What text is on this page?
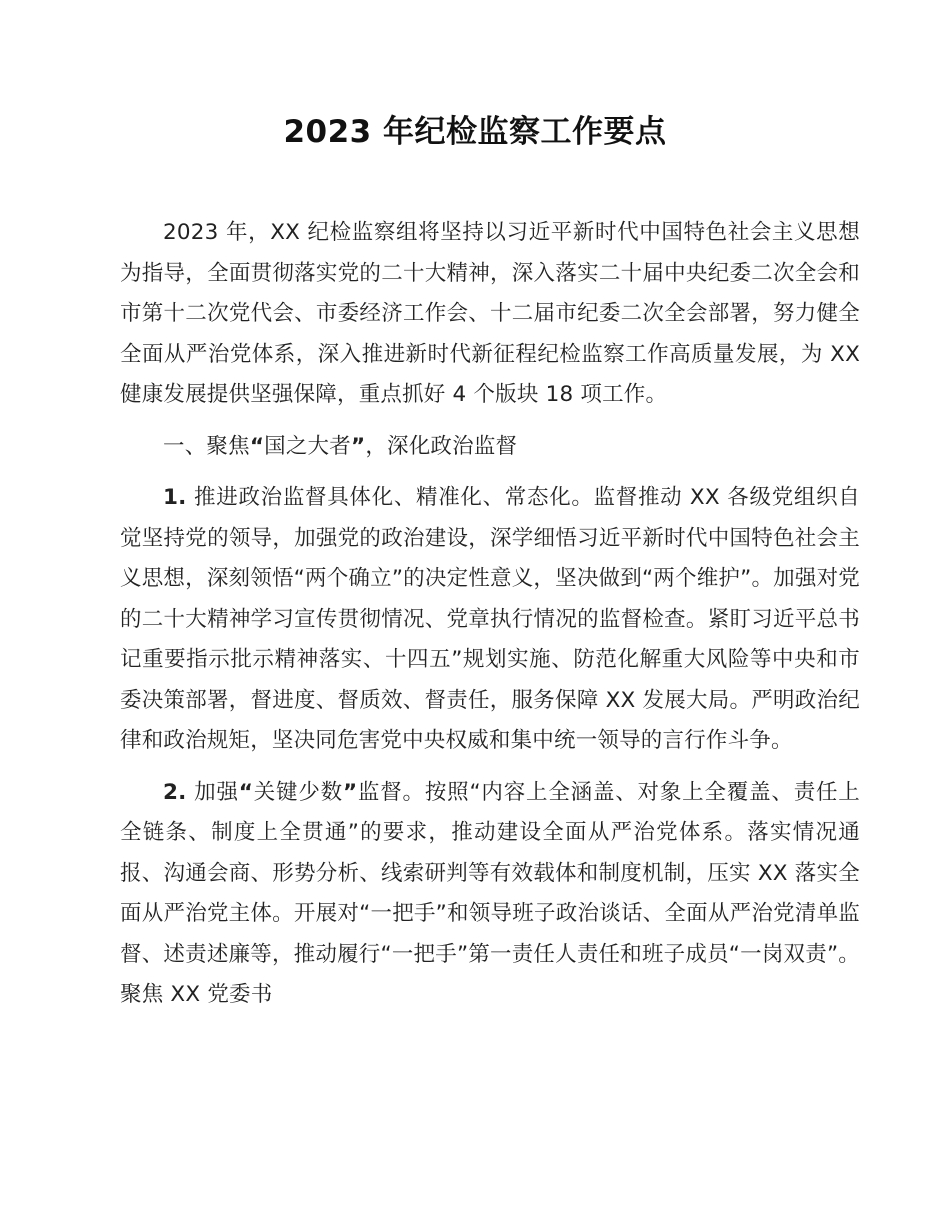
2023 年纪检监察工作要点

2023 年，XX 纪检监察组将坚持以习近平新时代中国特色社会主义思想为指导，全面贯彻落实党的二十大精神，深入落实二十届中央纪委二次全会和市第十二次党代会、市委经济工作会、十二届市纪委二次全会部署，努力健全全面从严治党体系，深入推进新时代新征程纪检监察工作高质量发展，为 XX 健康发展提供坚强保障，重点抓好 4 个版块 18 项工作。

一、聚焦“国之大者”，深化政治监督

1. 推进政治监督具体化、精准化、常态化。监督推动 XX 各级党组织自觉坚持党的领导，加强党的政治建设，深学细悟习近平新时代中国特色社会主义思想，深刻领悟“两个确立”的决定性意义，坚决做到“两个维护”。加强对党的二十大精神学习宣传贯彻情况、党章执行情况的监督检查。紧盯习近平总书记重要指示批示精神落实、十四五”规划实施、防范化解重大风险等中央和市委决策部署，督进度、督质效、督责任，服务保障 XX 发展大局。严明政治纪律和政治规矩，坚决同危害党中央权威和集中统一领导的言行作斗争。

2. 加强“关键少数”监督。按照“内容上全涵盖、对象上全覆盖、责任上全链条、制度上全贯通”的要求，推动建设全面从严治党体系。落实情况通报、沟通会商、形势分析、线索研判等有效载体和制度机制，压实 XX 落实全面从严治党主体。开展对“一把手”和领导班子政治谈话、全面从严治党清单监督、述责述廉等，推动履行“一把手”第一责任人责任和班子成员“一岗双责”。聚焦 XX 党委书
